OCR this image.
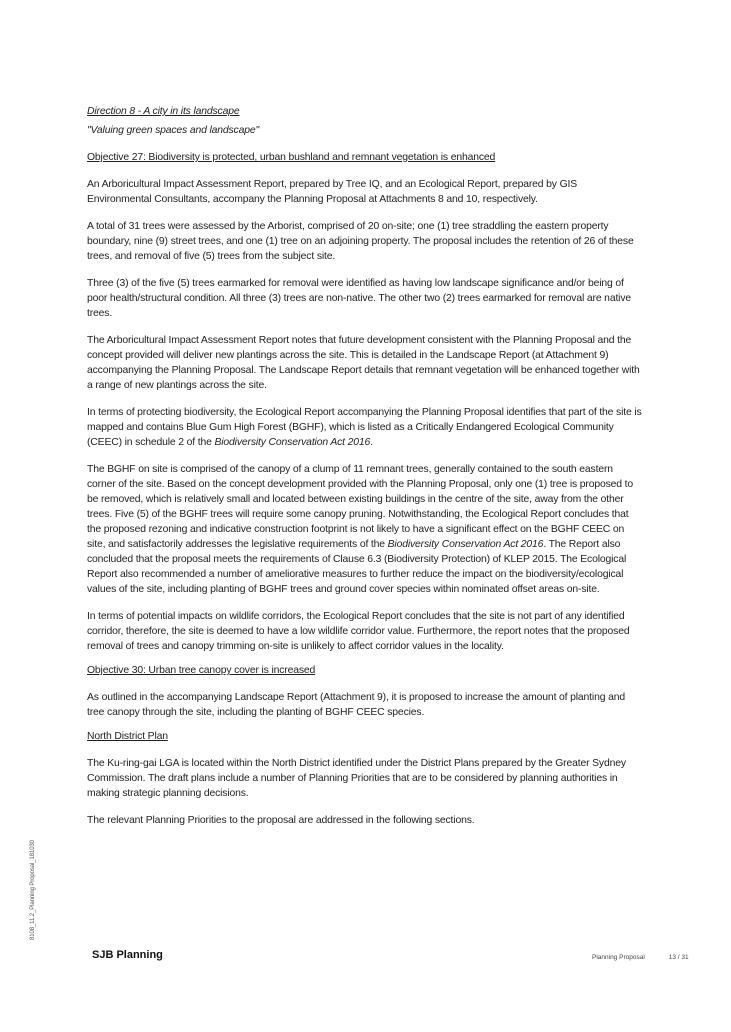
Direction 8 - A city in its landscape

"Valuing green spaces and landscape"

Objective 27: Biodiversity is protected, urban bushland and remnant vegetation is enhanced

An Arboricultural Impact Assessment Report, prepared by Tree IQ, and an Ecological Report, prepared by GIS Environmental Consultants, accompany the Planning Proposal at Attachments 8 and 10, respectively.

A total of 31 trees were assessed by the Arborist, comprised of 20 on-site; one (1) tree straddling the eastern property boundary, nine (9) street trees, and one (1) tree on an adjoining property. The proposal includes the retention of 26 of these trees, and removal of five (5) trees from the subject site.

Three (3) of the five (5) trees earmarked for removal were identified as having low landscape significance and/or being of poor health/structural condition. All three (3) trees are non-native. The other two (2) trees earmarked for removal are native trees.

The Arboricultural Impact Assessment Report notes that future development consistent with the Planning Proposal and the concept provided will deliver new plantings across the site. This is detailed in the Landscape Report (at Attachment 9) accompanying the Planning Proposal. The Landscape Report details that remnant vegetation will be enhanced together with a range of new plantings across the site.

In terms of protecting biodiversity, the Ecological Report accompanying the Planning Proposal identifies that part of the site is mapped and contains Blue Gum High Forest (BGHF), which is listed as a Critically Endangered Ecological Community (CEEC) in schedule 2 of the Biodiversity Conservation Act 2016.

The BGHF on site is comprised of the canopy of a clump of 11 remnant trees, generally contained to the south eastern corner of the site. Based on the concept development provided with the Planning Proposal, only one (1) tree is proposed to be removed, which is relatively small and located between existing buildings in the centre of the site, away from the other trees. Five (5) of the BGHF trees will require some canopy pruning. Notwithstanding, the Ecological Report concludes that the proposed rezoning and indicative construction footprint is not likely to have a significant effect on the BGHF CEEC on site, and satisfactorily addresses the legislative requirements of the Biodiversity Conservation Act 2016. The Report also concluded that the proposal meets the requirements of Clause 6.3 (Biodiversity Protection) of KLEP 2015. The Ecological Report also recommended a number of ameliorative measures to further reduce the impact on the biodiversity/ecological values of the site, including planting of BGHF trees and ground cover species within nominated offset areas on-site.

In terms of potential impacts on wildlife corridors, the Ecological Report concludes that the site is not part of any identified corridor, therefore, the site is deemed to have a low wildlife corridor value. Furthermore, the report notes that the proposed removal of trees and canopy trimming on-site is unlikely to affect corridor values in the locality.

Objective 30: Urban tree canopy cover is increased

As outlined in the accompanying Landscape Report (Attachment 9), it is proposed to increase the amount of planting and tree canopy through the site, including the planting of BGHF CEEC species.

North District Plan

The Ku-ring-gai LGA is located within the North District identified under the District Plans prepared by the Greater Sydney Commission. The draft plans include a number of Planning Priorities that are to be considered by planning authorities in making strategic planning decisions.

The relevant Planning Priorities to the proposal are addressed in the following sections.

8108_11.2_Planning Proposal_181030
SJB Planning	Planning Proposal	13 / 31
